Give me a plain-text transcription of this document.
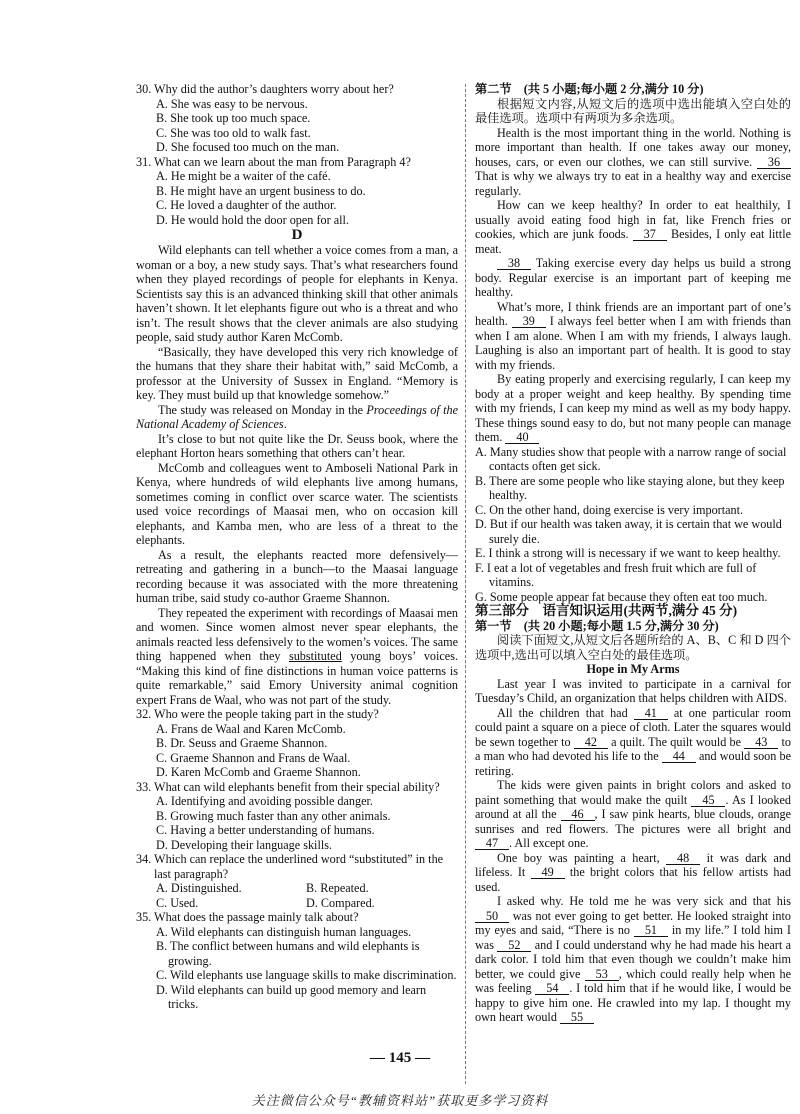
30. Why did the author’s daughters worry about her?

A. She was easy to be nervous.

B. She took up too much space.

C. She was too old to walk fast.

D. She focused too much on the man.

31. What can we learn about the man from Paragraph 4?

A. He might be a waiter of the café.

B. He might have an urgent business to do.

C. He loved a daughter of the author.

D. He would hold the door open for all.

D

Wild elephants can tell whether a voice comes from a man, a woman or a boy, a new study says. That’s what researchers found when they played recordings of people for elephants in Kenya. Scientists say this is an advanced thinking skill that other animals haven’t shown. It let elephants figure out who is a threat and who isn’t. The result shows that the clever animals are also studying people, said study author Karen McComb.

“Basically, they have developed this very rich knowledge of the humans that they share their habitat with,” said McComb, a professor at the University of Sussex in England. “Memory is key. They must build up that knowledge somehow.”

The study was released on Monday in the Proceedings of the National Academy of Sciences.

It’s close to but not quite like the Dr. Seuss book, where the elephant Horton hears something that others can’t hear.

McComb and colleagues went to Amboseli National Park in Kenya, where hundreds of wild elephants live among humans, sometimes coming in conflict over scarce water. The scientists used voice recordings of Maasai men, who on occasion kill elephants, and Kamba men, who are less of a threat to the elephants.

As a result, the elephants reacted more defensively—retreating and gathering in a bunch—to the Maasai language recording because it was associated with the more threatening human tribe, said study co-author Graeme Shannon.

They repeated the experiment with recordings of Maasai men and women. Since women almost never spear elephants, the animals reacted less defensively to the women’s voices. The same thing happened when they substituted young boys’ voices. “Making this kind of fine distinctions in human voice patterns is quite remarkable,” said Emory University animal cognition expert Frans de Waal, who was not part of the study.

32. Who were the people taking part in the study?

A. Frans de Waal and Karen McComb.

B. Dr. Seuss and Graeme Shannon.

C. Graeme Shannon and Frans de Waal.

D. Karen McComb and Graeme Shannon.

33. What can wild elephants benefit from their special ability?

A. Identifying and avoiding possible danger.

B. Growing much faster than any other animals.

C. Having a better understanding of humans.

D. Developing their language skills.

34. Which can replace the underlined word “substituted” in the last paragraph?

A. Distinguished.	B. Repeated.

C. Used.	D. Compared.

35. What does the passage mainly talk about?

A. Wild elephants can distinguish human languages.

B. The conflict between humans and wild elephants is growing.

C. Wild elephants use language skills to make discrimination.

D. Wild elephants can build up good memory and learn tricks.

第二节　(共 5 小题;每小题 2 分,满分 10 分)

根据短文内容,从短文后的选项中选出能填入空白处的最佳选项。选项中有两项为多余选项。

Health is the most important thing in the world. Nothing is more important than health. If one takes away our money, houses, cars, or even our clothes, we can still survive. 36 That is why we always try to eat in a healthy way and exercise regularly.

How can we keep healthy? In order to eat healthily, I usually avoid eating food high in fat, like French fries or cookies, which are junk foods. 37 Besides, I only eat little meat.

38 Taking exercise every day helps us build a strong body. Regular exercise is an important part of keeping me healthy.

What’s more, I think friends are an important part of one’s health. 39 I always feel better when I am with friends than when I am alone. When I am with my friends, I always laugh. Laughing is also an important part of health. It is good to stay with my friends.

By eating properly and exercising regularly, I can keep my body at a proper weight and keep healthy. By spending time with my friends, I can keep my mind as well as my body happy. These things sound easy to do, but not many people can manage them. 40

A. Many studies show that people with a narrow range of social contacts often get sick.

B. There are some people who like staying alone, but they keep healthy.

C. On the other hand, doing exercise is very important.

D. But if our health was taken away, it is certain that we would surely die.

E. I think a strong will is necessary if we want to keep healthy.

F. I eat a lot of vegetables and fresh fruit which are full of vitamins.

G. Some people appear fat because they often eat too much.

第三部分　语言知识运用(共两节,满分 45 分)

第一节　(共 20 小题;每小题 1.5 分,满分 30 分)

阅读下面短文,从短文后各题所给的 A、B、C 和 D 四个选项中,选出可以填入空白处的最佳选项。

Hope in My Arms

Last year I was invited to participate in a carnival for Tuesday’s Child, an organization that helps children with AIDS.

All the children that had 41 at one particular room could paint a square on a piece of cloth. Later the squares would be sewn together to 42 a quilt. The quilt would be 43 to a man who had devoted his life to the 44 and would soon be retiring.

The kids were given paints in bright colors and asked to paint something that would make the quilt 45 . As I looked around at all the 46 , I saw pink hearts, blue clouds, orange sunrises and red flowers. The pictures were all bright and 47 . All except one.

One boy was painting a heart, 48 it was dark and lifeless. It 49 the bright colors that his fellow artists had used.

I asked why. He told me he was very sick and that his 50 was not ever going to get better. He looked straight into my eyes and said, “There is no 51 in my life.” I told him I was 52 and I could understand why he had made his heart a dark color. I told him that even though we couldn’t make him better, we could give 53 , which could really help when he was feeling 54 . I told him that if he would like, I would be happy to give him one. He crawled into my lap. I thought my own heart would 55

— 145 —
关注微信公众号“教辅资料站”获取更多学习资料
